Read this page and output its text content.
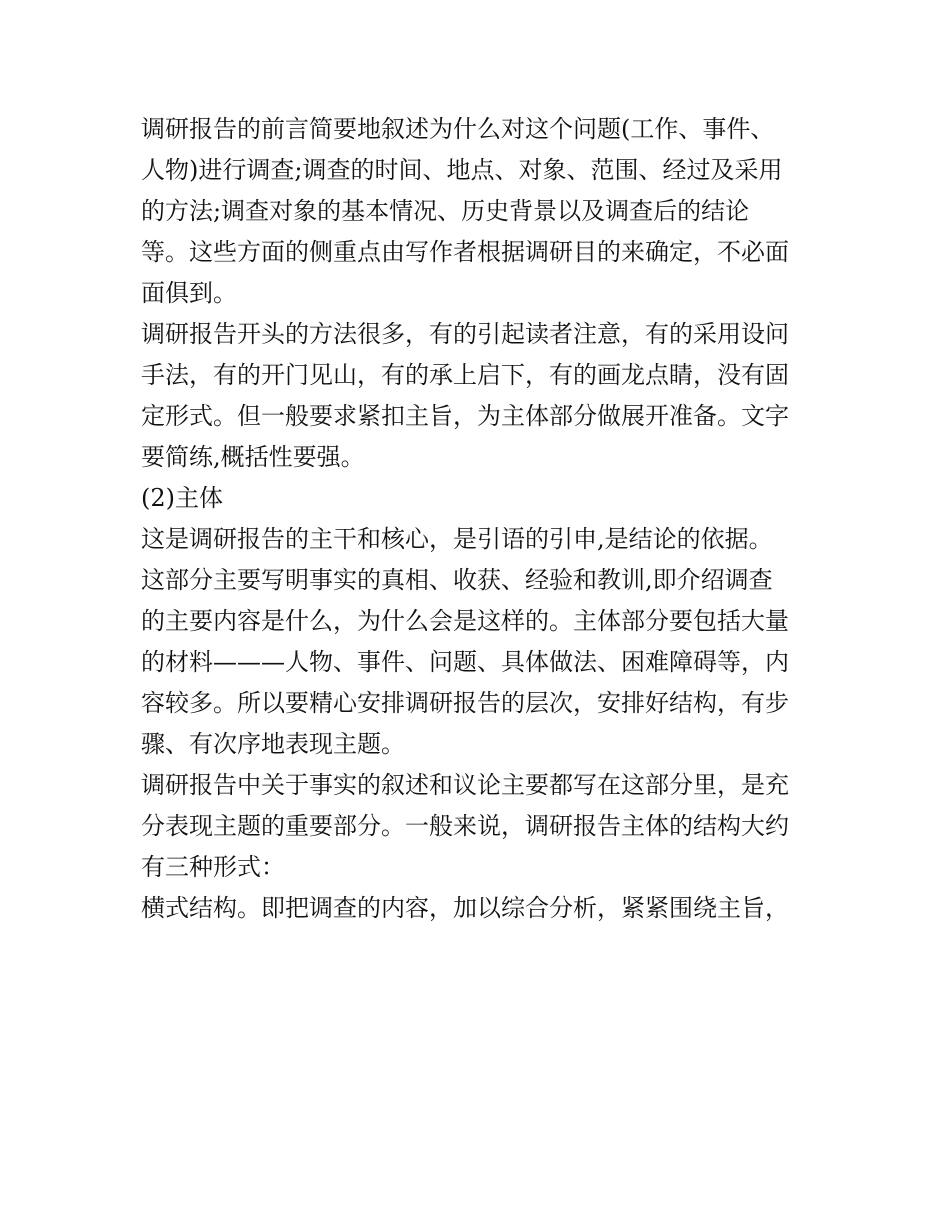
调研报告的前言简要地叙述为什么对这个问题(工作、事件、
人物)进行调查;调查的时间、地点、对象、范围、经过及采用
的方法;调查对象的基本情况、历史背景以及调查后的结论
等。这些方面的侧重点由写作者根据调研目的来确定，不必面
面俱到。

调研报告开头的方法很多，有的引起读者注意，有的采用设问
手法，有的开门见山，有的承上启下，有的画龙点睛，没有固
定形式。但一般要求紧扣主旨，为主体部分做展开准备。文字
要简练,概括性要强。

(2)主体

这是调研报告的主干和核心，是引语的引申,是结论的依据。

这部分主要写明事实的真相、收获、经验和教训,即介绍调查
的主要内容是什么，为什么会是这样的。主体部分要包括大量
的材料———人物、事件、问题、具体做法、困难障碍等，内
容较多。所以要精心安排调研报告的层次，安排好结构，有步
骤、有次序地表现主题。

调研报告中关于事实的叙述和议论主要都写在这部分里，是充
分表现主题的重要部分。一般来说，调研报告主体的结构大约
有三种形式：

横式结构。即把调查的内容，加以综合分析，紧紧围绕主旨，
